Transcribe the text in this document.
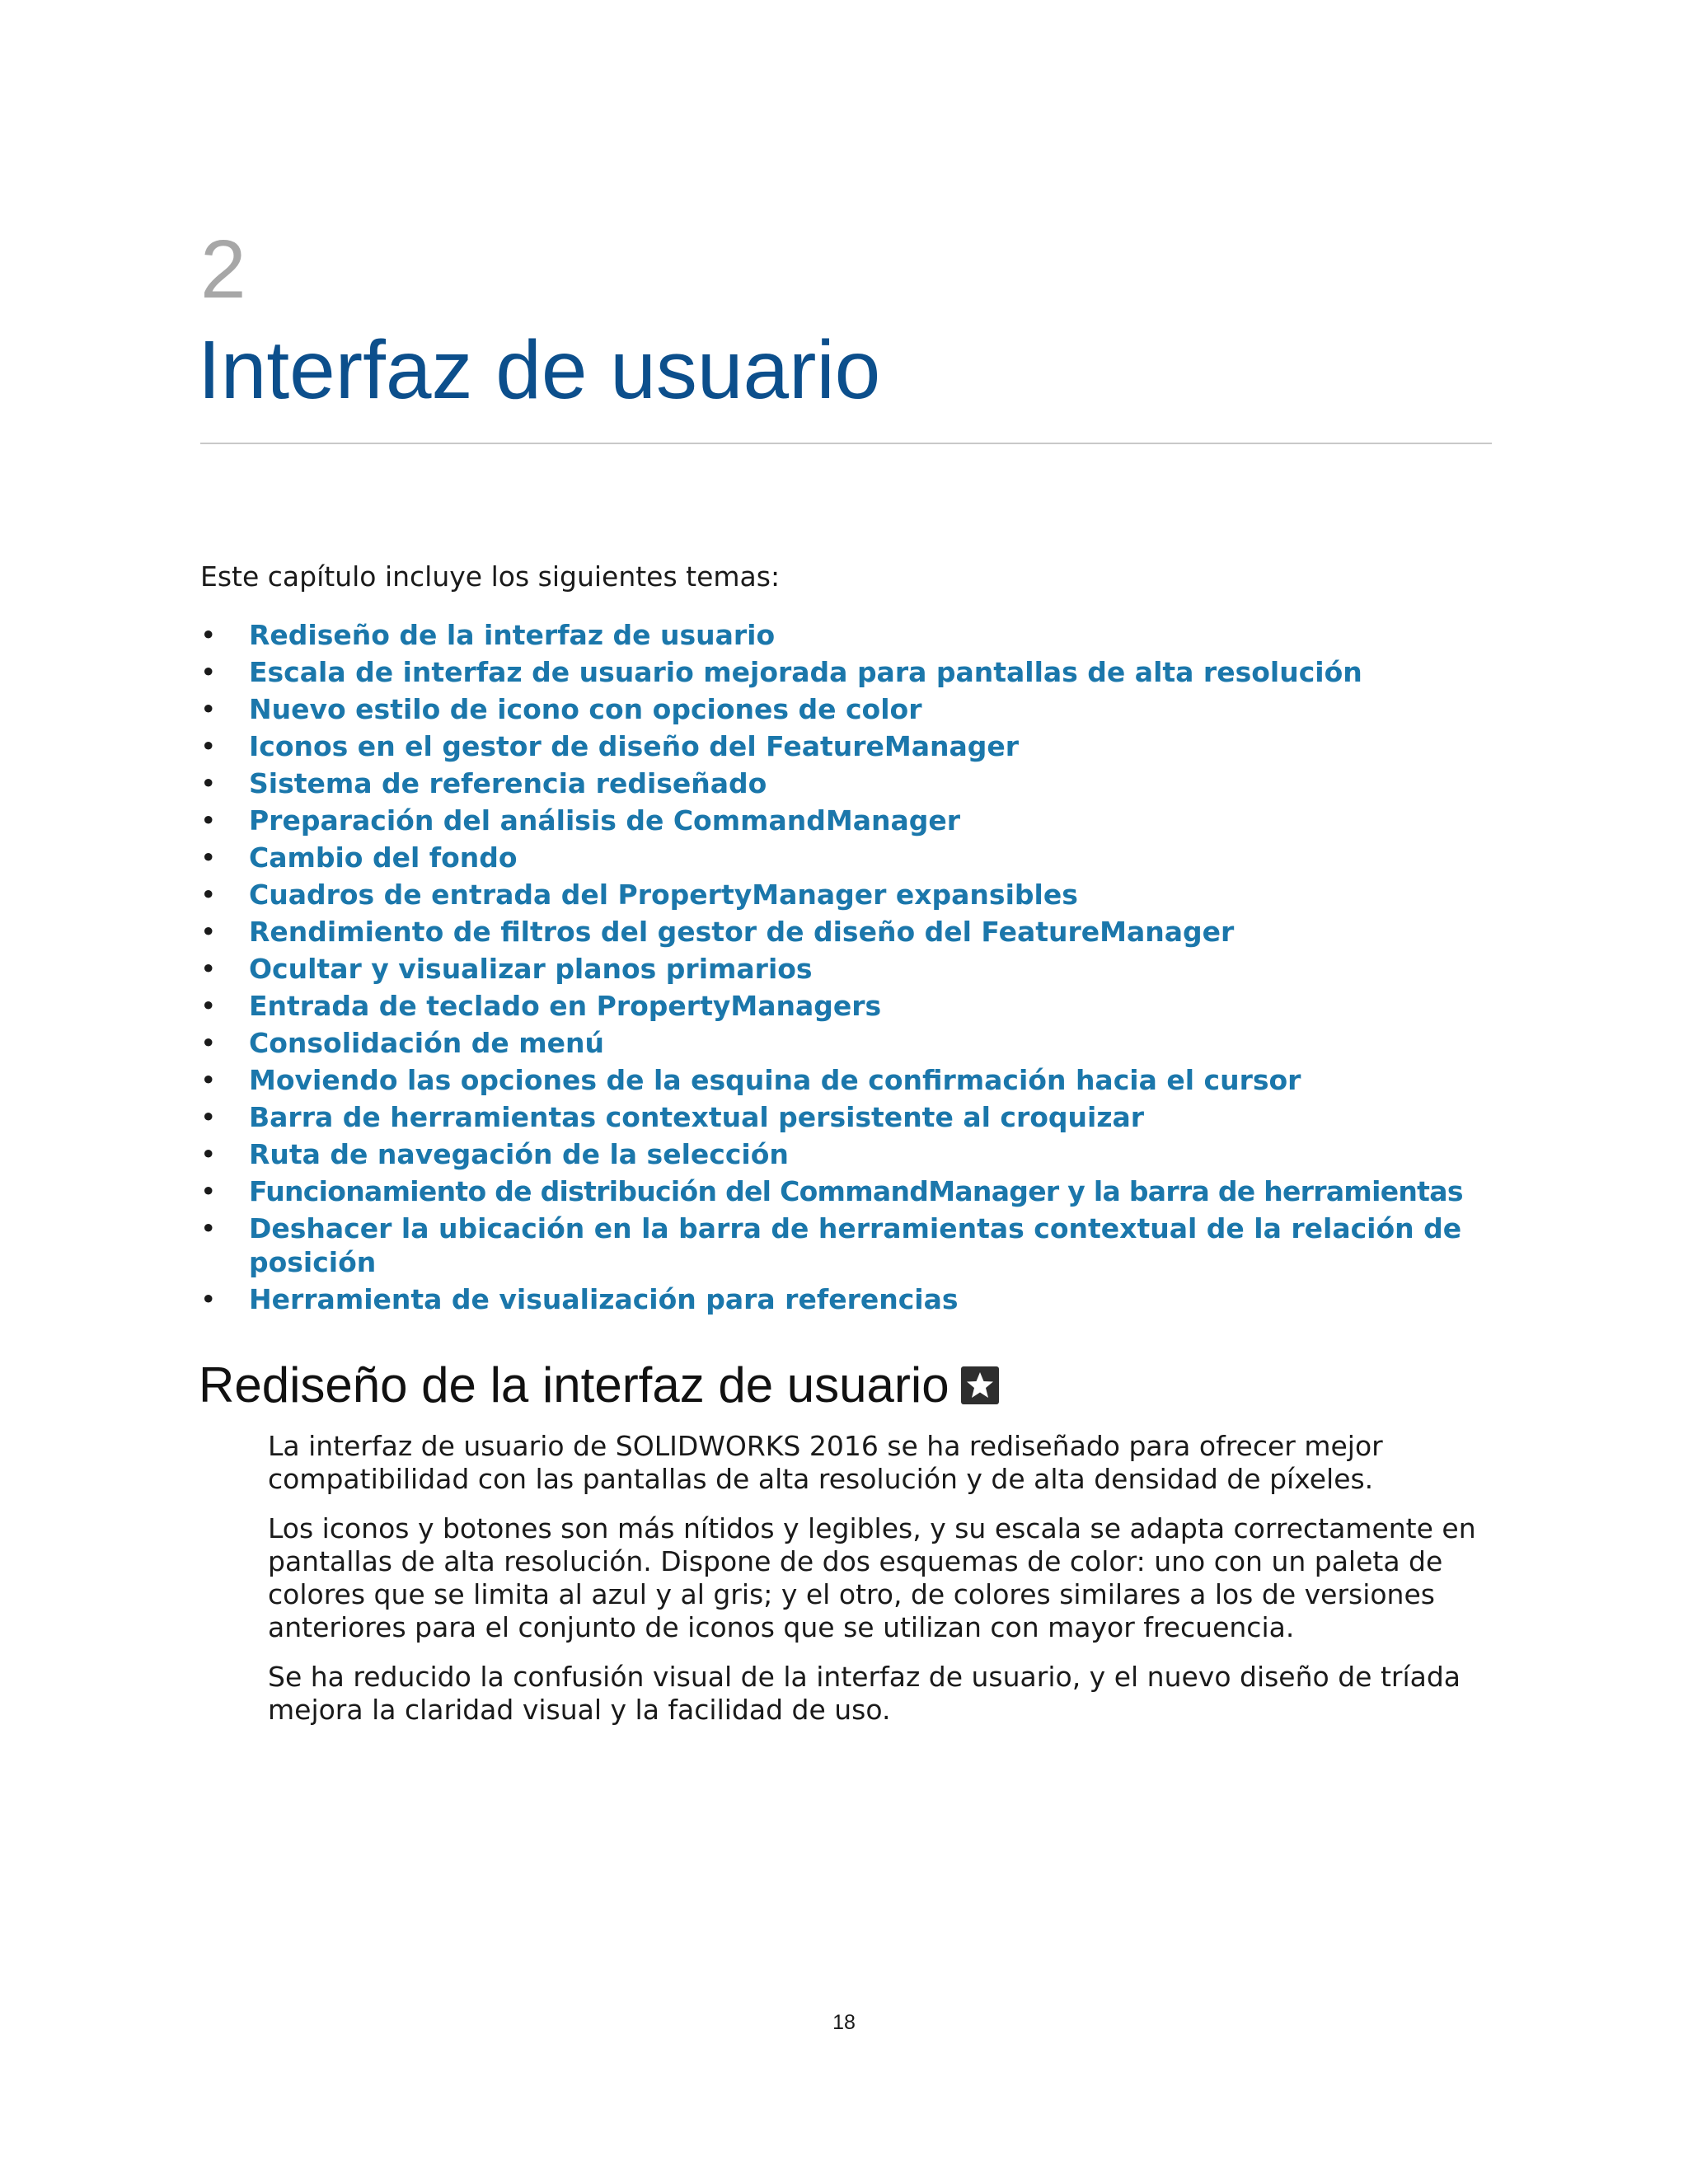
2
Interfaz de usuario

Este capítulo incluye los siguientes temas:

• Rediseño de la interfaz de usuario
• Escala de interfaz de usuario mejorada para pantallas de alta resolución
• Nuevo estilo de icono con opciones de color
• Iconos en el gestor de diseño del FeatureManager
• Sistema de referencia rediseñado
• Preparación del análisis de CommandManager
• Cambio del fondo
• Cuadros de entrada del PropertyManager expansibles
• Rendimiento de filtros del gestor de diseño del FeatureManager
• Ocultar y visualizar planos primarios
• Entrada de teclado en PropertyManagers
• Consolidación de menú
• Moviendo las opciones de la esquina de confirmación hacia el cursor
• Barra de herramientas contextual persistente al croquizar
• Ruta de navegación de la selección
• Funcionamiento de distribución del CommandManager y la barra de herramientas
• Deshacer la ubicación en la barra de herramientas contextual de la relación de posición
• Herramienta de visualización para referencias
Rediseño de la interfaz de usuario

La interfaz de usuario de SOLIDWORKS 2016 se ha rediseñado para ofrecer mejor compatibilidad con las pantallas de alta resolución y de alta densidad de píxeles.

Los iconos y botones son más nítidos y legibles, y su escala se adapta correctamente en pantallas de alta resolución. Dispone de dos esquemas de color: uno con un paleta de colores que se limita al azul y al gris; y el otro, de colores similares a los de versiones anteriores para el conjunto de iconos que se utilizan con mayor frecuencia.

Se ha reducido la confusión visual de la interfaz de usuario, y el nuevo diseño de tríada mejora la claridad visual y la facilidad de uso.

18
